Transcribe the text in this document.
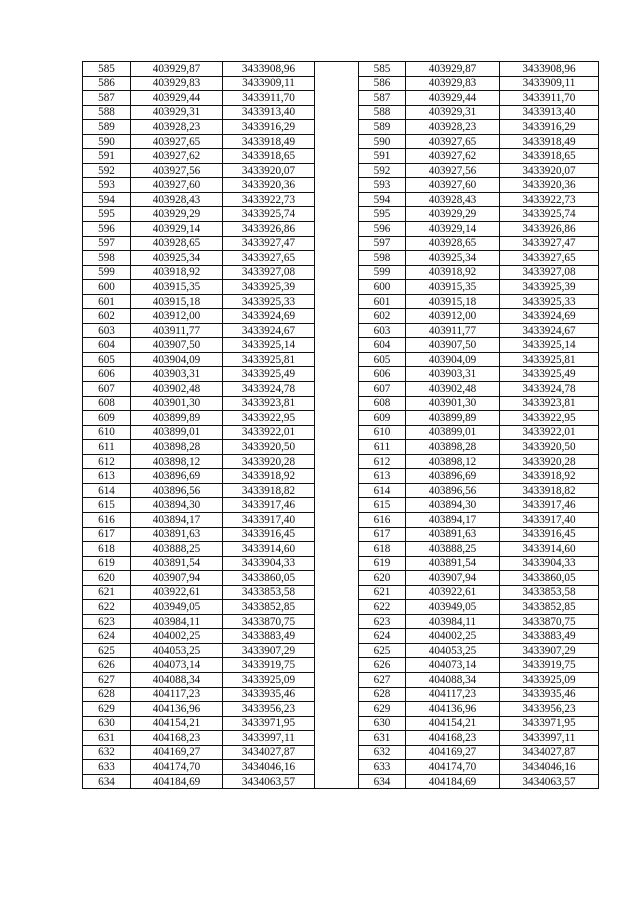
585	403929,87	3433908,96		585	403929,87	3433908,96
586	403929,83	3433909,11		586	403929,83	3433909,11
587	403929,44	3433911,70		587	403929,44	3433911,70
588	403929,31	3433913,40		588	403929,31	3433913,40
589	403928,23	3433916,29		589	403928,23	3433916,29
590	403927,65	3433918,49		590	403927,65	3433918,49
591	403927,62	3433918,65		591	403927,62	3433918,65
592	403927,56	3433920,07		592	403927,56	3433920,07
593	403927,60	3433920,36		593	403927,60	3433920,36
594	403928,43	3433922,73		594	403928,43	3433922,73
595	403929,29	3433925,74		595	403929,29	3433925,74
596	403929,14	3433926,86		596	403929,14	3433926,86
597	403928,65	3433927,47		597	403928,65	3433927,47
598	403925,34	3433927,65		598	403925,34	3433927,65
599	403918,92	3433927,08		599	403918,92	3433927,08
600	403915,35	3433925,39		600	403915,35	3433925,39
601	403915,18	3433925,33		601	403915,18	3433925,33
602	403912,00	3433924,69		602	403912,00	3433924,69
603	403911,77	3433924,67		603	403911,77	3433924,67
604	403907,50	3433925,14		604	403907,50	3433925,14
605	403904,09	3433925,81		605	403904,09	3433925,81
606	403903,31	3433925,49		606	403903,31	3433925,49
607	403902,48	3433924,78		607	403902,48	3433924,78
608	403901,30	3433923,81		608	403901,30	3433923,81
609	403899,89	3433922,95		609	403899,89	3433922,95
610	403899,01	3433922,01		610	403899,01	3433922,01
611	403898,28	3433920,50		611	403898,28	3433920,50
612	403898,12	3433920,28		612	403898,12	3433920,28
613	403896,69	3433918,92		613	403896,69	3433918,92
614	403896,56	3433918,82		614	403896,56	3433918,82
615	403894,30	3433917,46		615	403894,30	3433917,46
616	403894,17	3433917,40		616	403894,17	3433917,40
617	403891,63	3433916,45		617	403891,63	3433916,45
618	403888,25	3433914,60		618	403888,25	3433914,60
619	403891,54	3433904,33		619	403891,54	3433904,33
620	403907,94	3433860,05		620	403907,94	3433860,05
621	403922,61	3433853,58		621	403922,61	3433853,58
622	403949,05	3433852,85		622	403949,05	3433852,85
623	403984,11	3433870,75		623	403984,11	3433870,75
624	404002,25	3433883,49		624	404002,25	3433883,49
625	404053,25	3433907,29		625	404053,25	3433907,29
626	404073,14	3433919,75		626	404073,14	3433919,75
627	404088,34	3433925,09		627	404088,34	3433925,09
628	404117,23	3433935,46		628	404117,23	3433935,46
629	404136,96	3433956,23		629	404136,96	3433956,23
630	404154,21	3433971,95		630	404154,21	3433971,95
631	404168,23	3433997,11		631	404168,23	3433997,11
632	404169,27	3434027,87		632	404169,27	3434027,87
633	404174,70	3434046,16		633	404174,70	3434046,16
634	404184,69	3434063,57		634	404184,69	3434063,57
